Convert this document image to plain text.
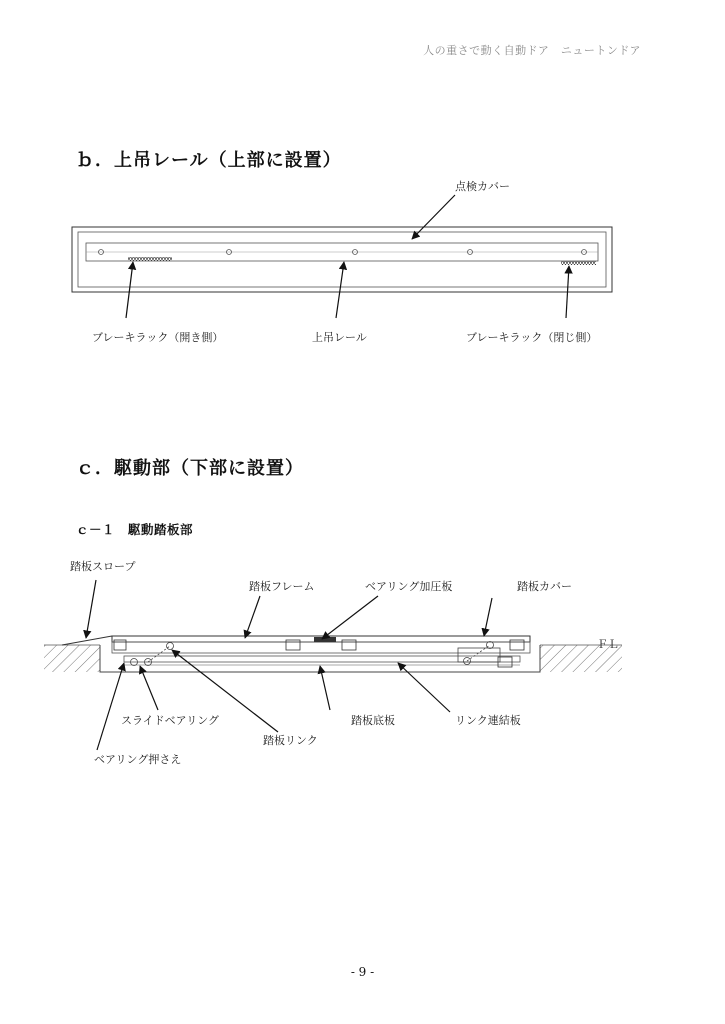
人の重さで動く自動ドア　ニュートンドア
ｂ．上吊レール（上部に設置）
点検カバー
ブレーキラック（開き側）	上吊レール	ブレーキラック（閉じ側）
ｃ．駆動部（下部に設置）
ｃ－１　駆動踏板部
踏板スロープ
踏板フレーム	ベアリング加圧板	踏板カバー
ＦＬ
スライドベアリング
踏板リンク
踏板底板	リンク連結板
ベアリング押さえ
- 9 -
